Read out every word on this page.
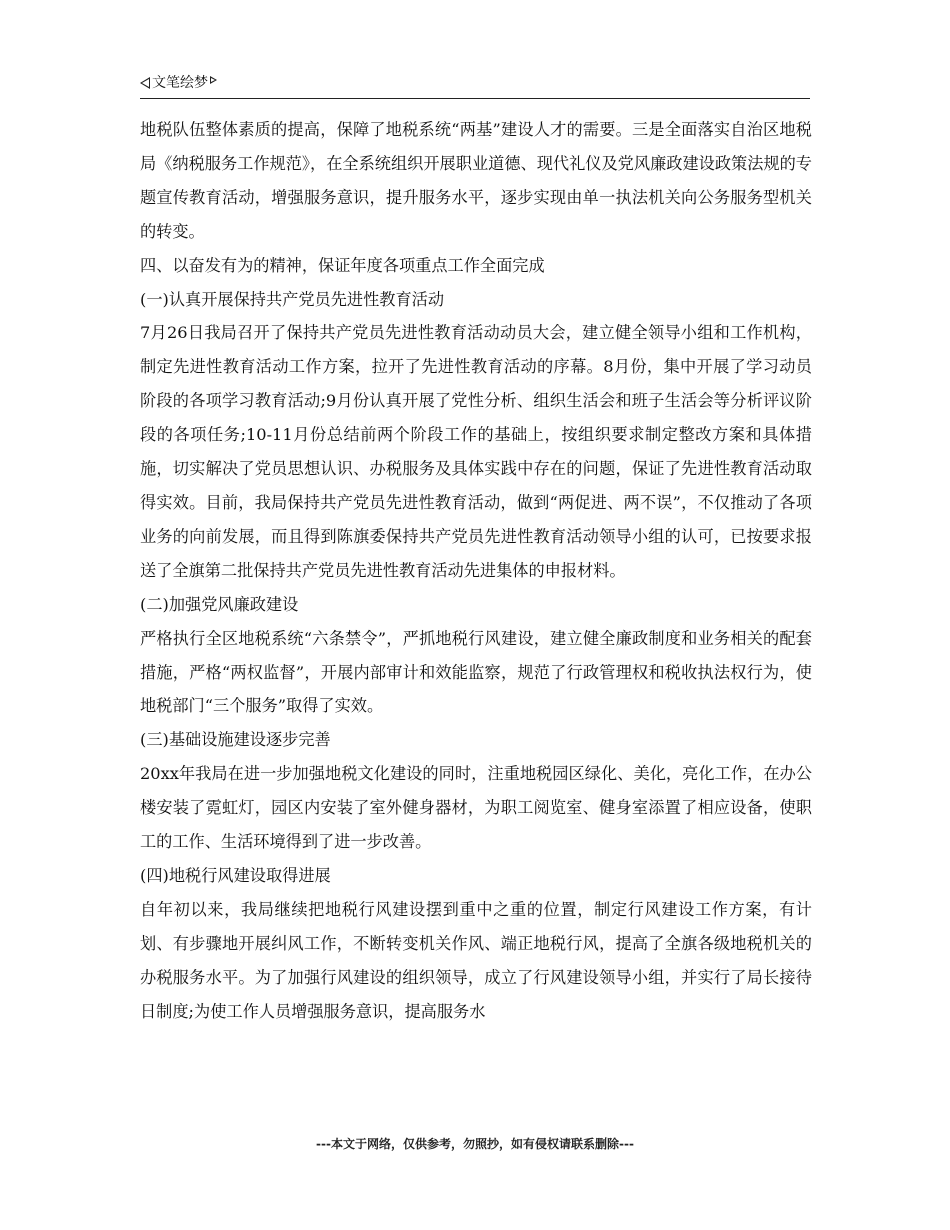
文笔绘梦

地税队伍整体素质的提高，保障了地税系统“两基”建设人才的需要。三是全面落实自治区地税局《纳税服务工作规范》，在全系统组织开展职业道德、现代礼仪及党风廉政建设政策法规的专题宣传教育活动，增强服务意识，提升服务水平，逐步实现由单一执法机关向公务服务型机关的转变。

四、以奋发有为的精神，保证年度各项重点工作全面完成

(一)认真开展保持共产党员先进性教育活动

7月26日我局召开了保持共产党员先进性教育活动动员大会，建立健全领导小组和工作机构，制定先进性教育活动工作方案，拉开了先进性教育活动的序幕。8月份，集中开展了学习动员阶段的各项学习教育活动;9月份认真开展了党性分析、组织生活会和班子生活会等分析评议阶段的各项任务;10-11月份总结前两个阶段工作的基础上，按组织要求制定整改方案和具体措施，切实解决了党员思想认识、办税服务及具体实践中存在的问题，保证了先进性教育活动取得实效。目前，我局保持共产党员先进性教育活动，做到“两促进、两不误”，不仅推动了各项业务的向前发展，而且得到陈旗委保持共产党员先进性教育活动领导小组的认可，已按要求报送了全旗第二批保持共产党员先进性教育活动先进集体的申报材料。

(二)加强党风廉政建设

严格执行全区地税系统“六条禁令”，严抓地税行风建设，建立健全廉政制度和业务相关的配套措施，严格“两权监督”，开展内部审计和效能监察，规范了行政管理权和税收执法权行为，使地税部门“三个服务”取得了实效。

(三)基础设施建设逐步完善

20xx年我局在进一步加强地税文化建设的同时，注重地税园区绿化、美化，亮化工作，在办公楼安装了霓虹灯，园区内安装了室外健身器材，为职工阅览室、健身室添置了相应设备，使职工的工作、生活环境得到了进一步改善。

(四)地税行风建设取得进展

自年初以来，我局继续把地税行风建设摆到重中之重的位置，制定行风建设工作方案，有计划、有步骤地开展纠风工作，不断转变机关作风、端正地税行风，提高了全旗各级地税机关的办税服务水平。为了加强行风建设的组织领导，成立了行风建设领导小组，并实行了局长接待日制度;为使工作人员增强服务意识，提高服务水

---本文于网络，仅供参考，勿照抄，如有侵权请联系删除---
